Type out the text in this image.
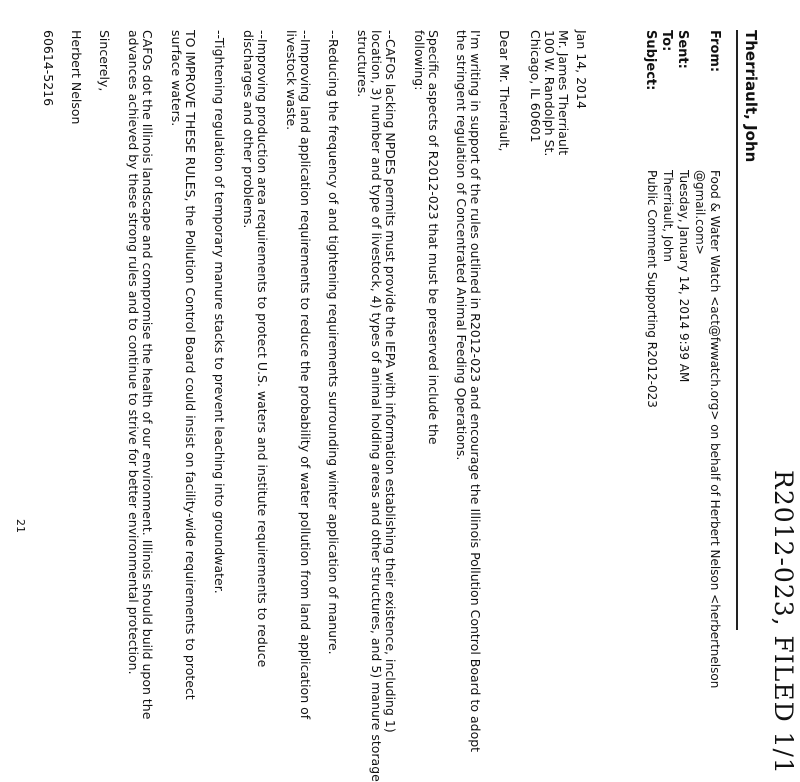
R2012-023, FILED 1/1
Therriault, John
From:
Food & Water Watch <act@fwwatch.org> on behalf of Herbert Nelson <herbertnelson
@gmail.com>
Sent:
Tuesday, January 14, 2014 9:39 AM
To:
Therriault, John
Subject:
Public Comment Supporting R2012-023
Jan 14, 2014
Mr. James Therriault
100 W. Randolph St.
Chicago, IL 60601
Dear Mr. Therriault,
I'm writing in support of the rules outlined in R2012-023 and encourage the Illinois Pollution Control Board to adopt
the stringent regulation of Concentrated Animal Feeding Operations.
Specific aspects of R2012-023 that must be preserved include the
following:
--CAFOs lacking NPDES permits must provide the IEPA with information establishing their existence, including 1)
location, 3) number and type of livestock, 4) types of animal holding areas and other structures, and 5) manure storage
structures.
--Reducing the frequency of and tightening requirements surrounding winter application of manure.
--Improving land application requirements to reduce the probability of water pollution from land application of
livestock waste.
--Improving production area requirements to protect U.S. waters and institute requirements to reduce
discharges and other problems.
--Tightening regulation of temporary manure stacks to prevent leaching into groundwater.
TO IMPROVE THESE RULES, the Pollution Control Board could insist on facility-wide requirements to protect
surface waters.
CAFOs dot the Illinois landscape and compromise the health of our environment. Illinois should build upon the
advances achieved by these strong rules and to continue to strive for better environmental protection.
Sincerely,
Herbert Nelson
60614-5216
21
